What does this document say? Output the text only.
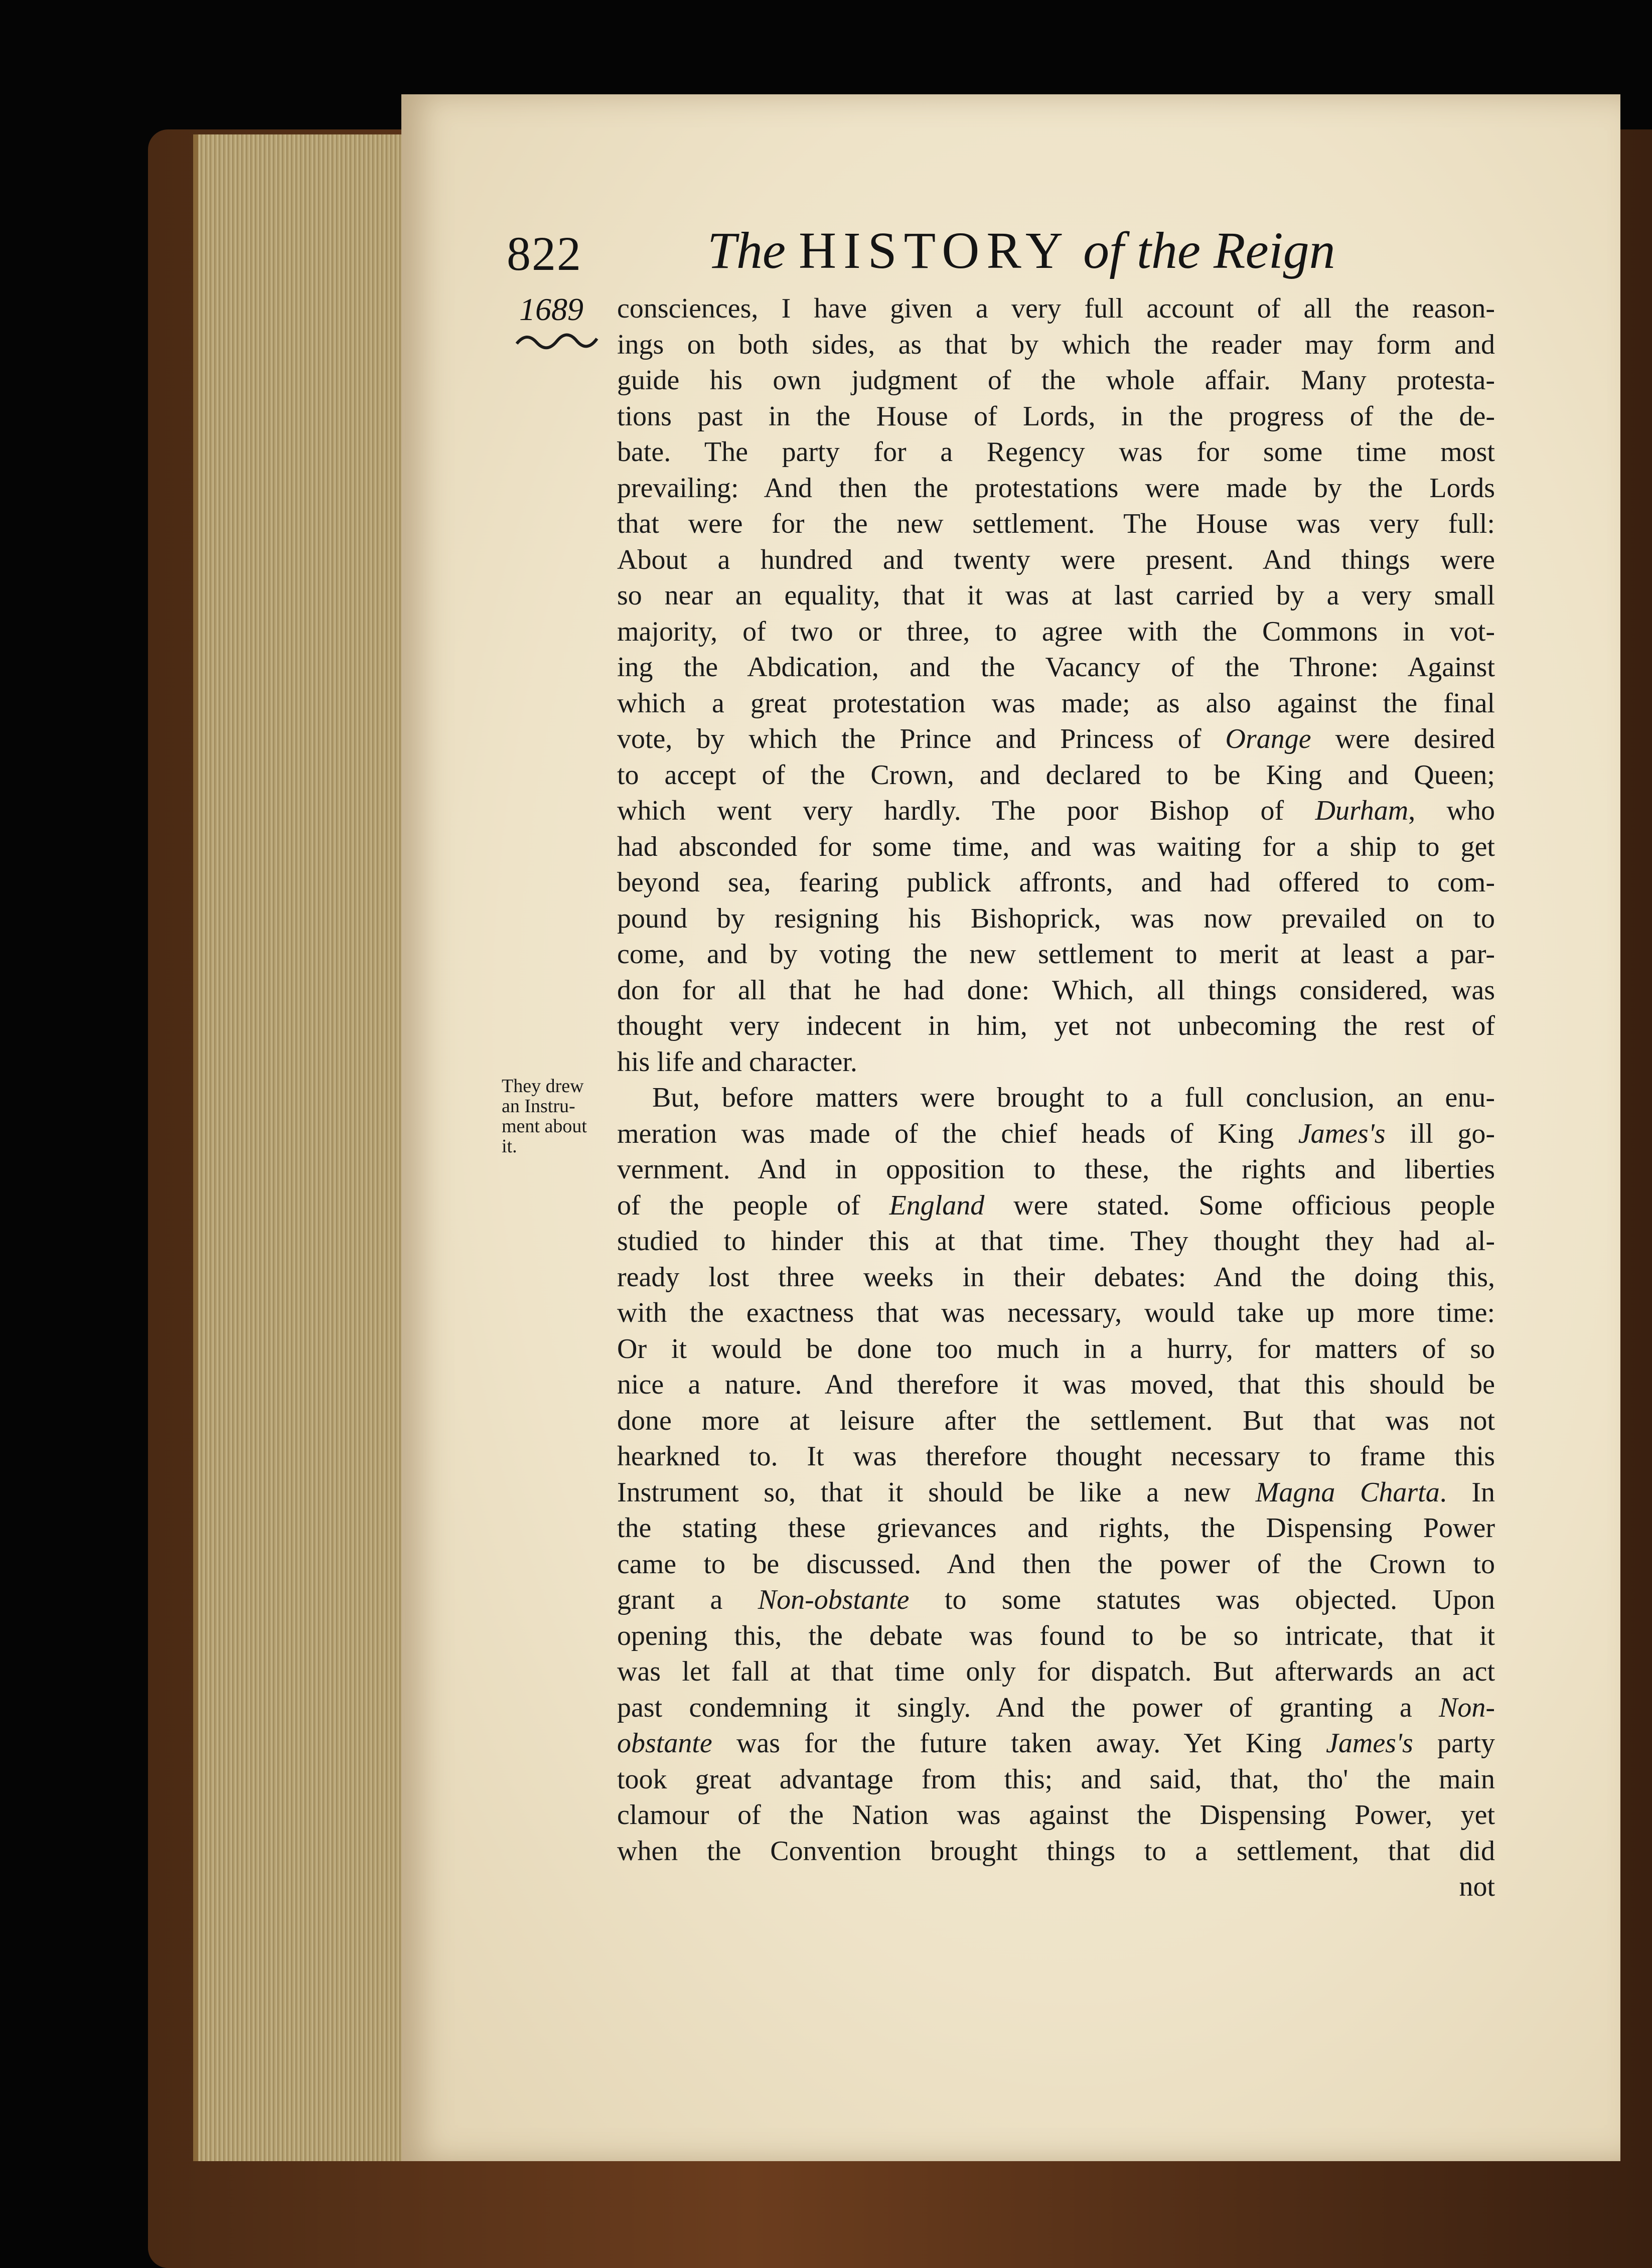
822 The HISTORY of the Reign
1689
They drew
an Instru-
ment about
it.
consciences, I have given a very full account of all the reason-
ings on both sides, as that by which the reader may form and
guide his own judgment of the whole affair. Many protesta-
tions past in the House of Lords, in the progress of the de-
bate. The party for a Regency was for some time most
prevailing: And then the protestations were made by the Lords
that were for the new settlement. The House was very full:
About a hundred and twenty were present. And things were
so near an equality, that it was at last carried by a very small
majority, of two or three, to agree with the Commons in vot-
ing the Abdication, and the Vacancy of the Throne: Against
which a great protestation was made; as also against the final
vote, by which the Prince and Princess of Orange were desired
to accept of the Crown, and declared to be King and Queen;
which went very hardly. The poor Bishop of Durham, who
had absconded for some time, and was waiting for a ship to get
beyond sea, fearing publick affronts, and had offered to com-
pound by resigning his Bishoprick, was now prevailed on to
come, and by voting the new settlement to merit at least a par-
don for all that he had done: Which, all things considered, was
thought very indecent in him, yet not unbecoming the rest of
his life and character.
But, before matters were brought to a full conclusion, an enu-
meration was made of the chief heads of King James's ill go-
vernment. And in opposition to these, the rights and liberties
of the people of England were stated. Some officious people
studied to hinder this at that time. They thought they had al-
ready lost three weeks in their debates: And the doing this,
with the exactness that was necessary, would take up more time:
Or it would be done too much in a hurry, for matters of so
nice a nature. And therefore it was moved, that this should be
done more at leisure after the settlement. But that was not
hearkned to. It was therefore thought necessary to frame this
Instrument so, that it should be like a new Magna Charta. In
the stating these grievances and rights, the Dispensing Power
came to be discussed. And then the power of the Crown to
grant a Non-obstante to some statutes was objected. Upon
opening this, the debate was found to be so intricate, that it
was let fall at that time only for dispatch. But afterwards an act
past condemning it singly. And the power of granting a Non-
obstante was for the future taken away. Yet King James's party
took great advantage from this; and said, that, tho' the main
clamour of the Nation was against the Dispensing Power, yet
when the Convention brought things to a settlement, that did
not
